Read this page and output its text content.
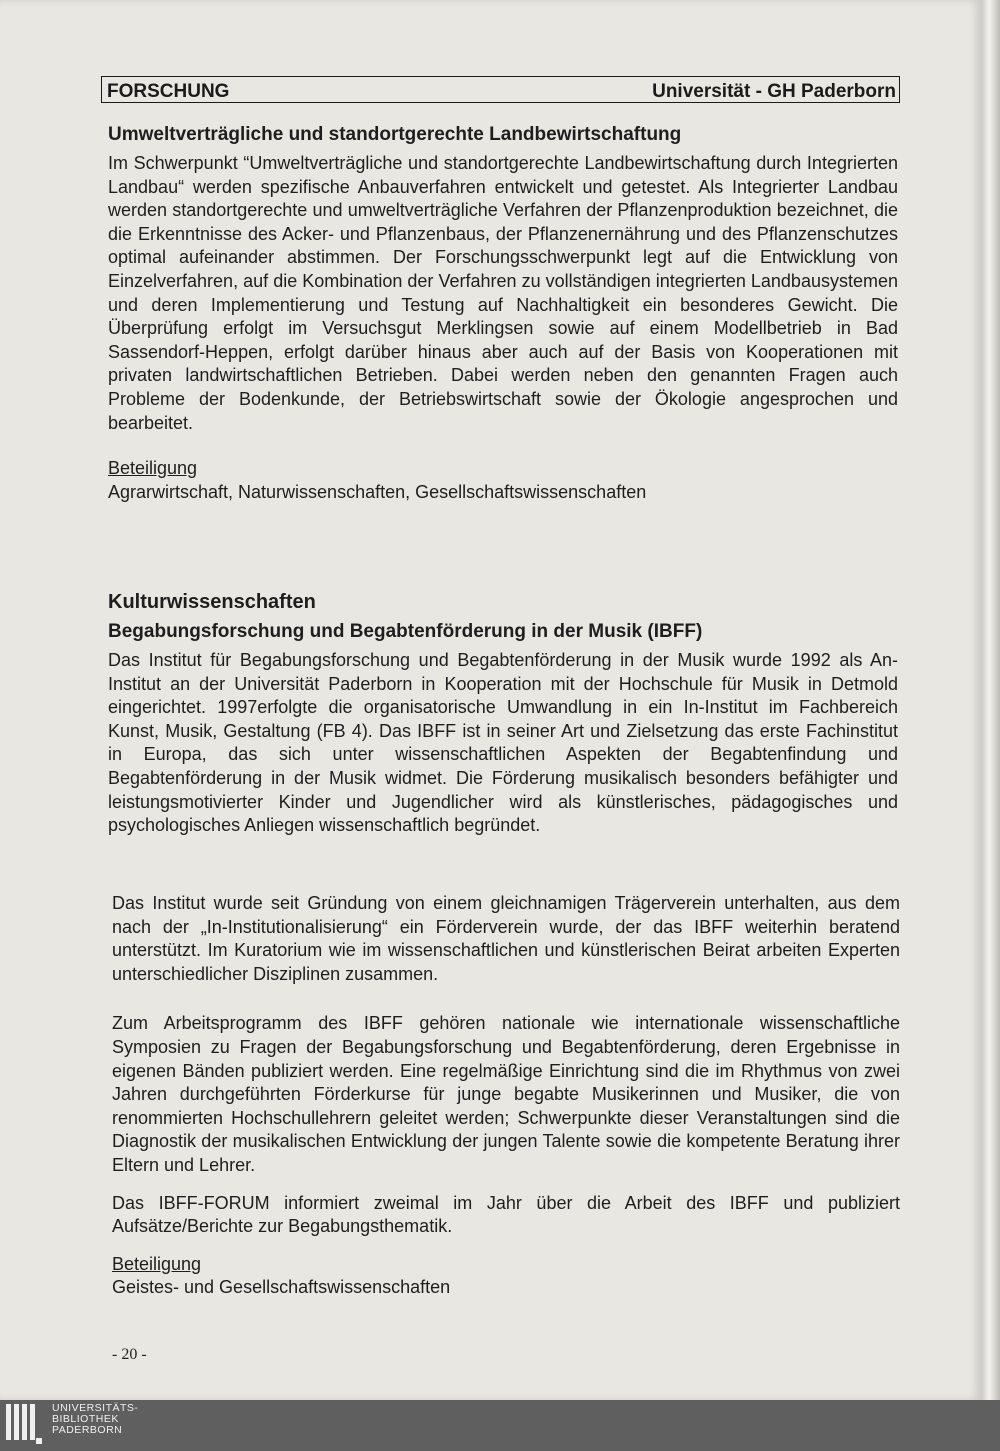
FORSCHUNG	Universität - GH Paderborn
Umweltverträgliche und standortgerechte Landbewirtschaftung

Im Schwerpunkt “Umweltverträgliche und standortgerechte Landbewirtschaftung durch Integrierten Landbau“ werden spezifische Anbauverfahren entwickelt und getestet. Als Integrierter Landbau werden standortgerechte und umweltverträgliche Verfahren der Pflanzenproduktion bezeichnet, die die Erkenntnisse des Acker- und Pflanzenbaus, der Pflanzenernährung und des Pflanzenschutzes optimal aufeinander abstimmen. Der Forschungsschwerpunkt legt auf die Entwicklung von Einzelverfahren, auf die Kombination der Verfahren zu vollständigen integrierten Landbausystemen und deren Implementierung und Testung auf Nachhaltigkeit ein besonderes Gewicht. Die Überprüfung erfolgt im Versuchsgut Merklingsen sowie auf einem Modellbetrieb in Bad Sassendorf-Heppen, erfolgt darüber hinaus aber auch auf der Basis von Kooperationen mit privaten landwirtschaftlichen Betrieben. Dabei werden neben den genannten Fragen auch Probleme der Bodenkunde, der Betriebswirtschaft sowie der Ökologie angesprochen und bearbeitet.

Beteiligung
Agrarwirtschaft, Naturwissenschaften, Gesellschaftswissenschaften
Kulturwissenschaften
Begabungsforschung und Begabtenförderung in der Musik (IBFF)

Das Institut für Begabungsforschung und Begabtenförderung in der Musik wurde 1992 als An-Institut an der Universität Paderborn in Kooperation mit der Hochschule für Musik in Detmold eingerichtet. 1997erfolgte die organisatorische Umwandlung in ein In-Institut im Fachbereich Kunst, Musik, Gestaltung (FB 4). Das IBFF ist in seiner Art und Zielsetzung das erste Fachinstitut in Europa, das sich unter wissenschaftlichen Aspekten der Begabtenfindung und Begabtenförderung in der Musik widmet. Die Förderung musikalisch besonders befähigter und leistungsmotivierter Kinder und Jugendlicher wird als künstlerisches, pädagogisches und psychologisches Anliegen wissenschaftlich begründet.

Das Institut wurde seit Gründung von einem gleichnamigen Trägerverein unterhalten, aus dem nach der „In-Institutionalisierung“ ein Förderverein wurde, der das IBFF weiterhin beratend unterstützt. Im Kuratorium wie im wissenschaftlichen und künstlerischen Beirat arbeiten Experten unterschiedlicher Disziplinen zusammen.

Zum Arbeitsprogramm des IBFF gehören nationale wie internationale wissenschaftliche Symposien zu Fragen der Begabungsforschung und Begabtenförderung, deren Ergebnisse in eigenen Bänden publiziert werden. Eine regelmäßige Einrichtung sind die im Rhythmus von zwei Jahren durchgeführten Förderkurse für junge begabte Musikerinnen und Musiker, die von renommierten Hochschullehrern geleitet werden; Schwerpunkte dieser Veranstaltungen sind die Diagnostik der musikalischen Entwicklung der jungen Talente sowie die kompetente Beratung ihrer Eltern und Lehrer.

Das IBFF-FORUM informiert zweimal im Jahr über die Arbeit des IBFF und publiziert Aufsätze/Berichte zur Begabungsthematik.

Beteiligung
Geistes- und Gesellschaftswissenschaften
- 20 -
UNIVERSITÄTS-
BIBLIOTHEK
PADERBORN
